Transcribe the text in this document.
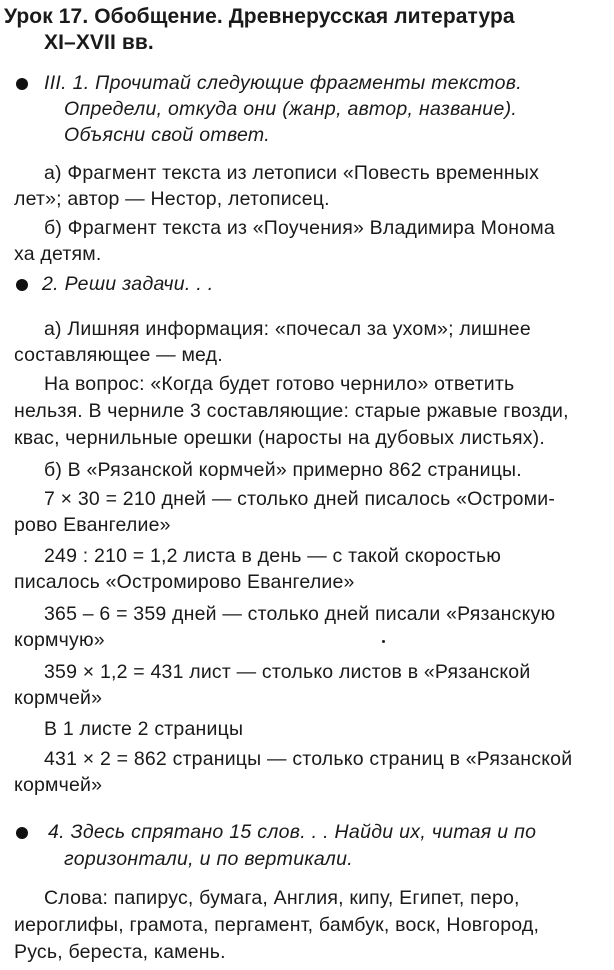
Урок 17. Обобщение. Древнерусская литература
XI–XVII вв.
III. 1. Прочитай следующие фрагменты текстов.
Определи, откуда они (жанр, автор, название).
Объясни свой ответ.
а) Фрагмент текста из летописи «Повесть временных
лет»; автор — Нестор, летописец.
б) Фрагмент текста из «Поучения» Владимира Монома
ха детям.
2. Реши задачи. . .
а) Лишняя информация: «почесал за ухом»; лишнее
составляющее — мед.
На вопрос: «Когда будет готово чернило» ответить
нельзя. В черниле 3 составляющие: старые ржавые гвозди,
квас, чернильные орешки (наросты на дубовых листьях).
б) В «Рязанской кормчей» примерно 862 страницы.
7 × 30 = 210 дней — столько дней писалось «Остроми-
рово Евангелие»
249 : 210 = 1,2 листа в день — с такой скоростью
писалось «Остромирово Евангелие»
365 – 6 = 359 дней — столько дней писали «Рязанскую
кормчую»
359 × 1,2 = 431 лист — столько листов в «Рязанской
кормчей»
В 1 листе 2 страницы
431 × 2 = 862 страницы — столько страниц в «Рязанской
кормчей»
4. Здесь спрятано 15 слов. . . Найди их, читая и по
горизонтали, и по вертикали.
Слова: папирус, бумага, Англия, кипу, Египет, перо,
иероглифы, грамота, пергамент, бамбук, воск, Новгород,
Русь, береста, камень.
